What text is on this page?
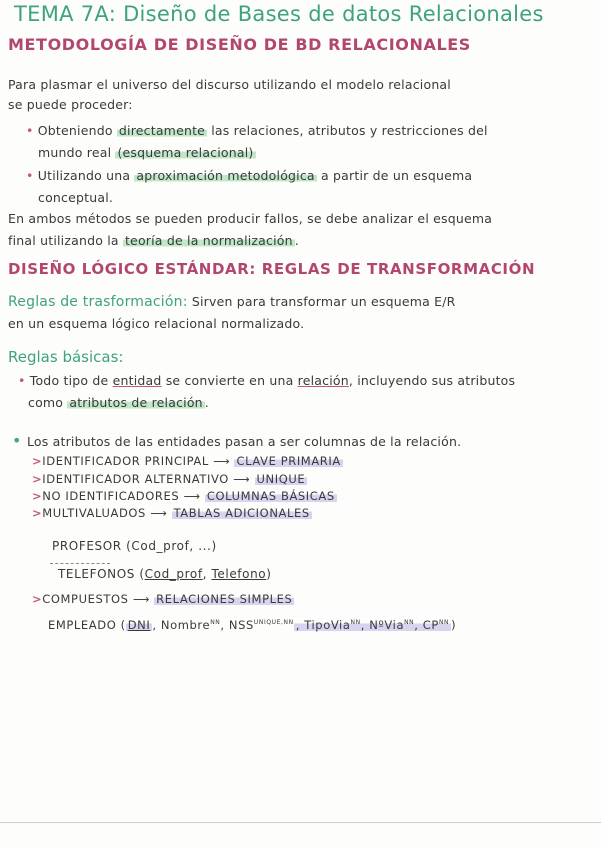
TEMA 7A: Diseño de Bases de datos Relacionales
METODOLOGÍA DE DISEÑO DE BD RELACIONALES
Para plasmar el universo del discurso utilizando el modelo relacional
se puede proceder:
• Obteniendo directamente las relaciones, atributos y restricciones del
mundo real (esquema relacional)
• Utilizando una aproximación metodológica a partir de un esquema
conceptual.
En ambos métodos se pueden producir fallos, se debe analizar el esquema
final utilizando la teoría de la normalización .
DISEÑO LÓGICO ESTÁNDAR: REGLAS DE TRANSFORMACIÓN
Reglas de trasformación: Sirven para transformar un esquema E/R
en un esquema lógico relacional normalizado.
Reglas básicas:
• Todo tipo de entidad se convierte en una relación, incluyendo sus atributos
como atributos de relación .
• Los atributos de las entidades pasan a ser columnas de la relación.
>IDENTIFICADOR PRINCIPAL ⟶ CLAVE PRIMARIA
>IDENTIFICADOR ALTERNATIVO ⟶ UNIQUE
>NO IDENTIFICADORES ⟶ COLUMNAS BÁSICAS
>MULTIVALUADOS ⟶ TABLAS ADICIONALES
PROFESOR (Cod_prof, ...)
TELEFONOS (Cod_prof, Telefono)
>COMPUESTOS ⟶ RELACIONES SIMPLES
EMPLEADO ( DNI , Nombre$^{NN}$, $NSS^{UNIQUE,NN}$ , TipoVia$^{NN}$, NºVia$^{NN}$, $CP^{NN}$ )
